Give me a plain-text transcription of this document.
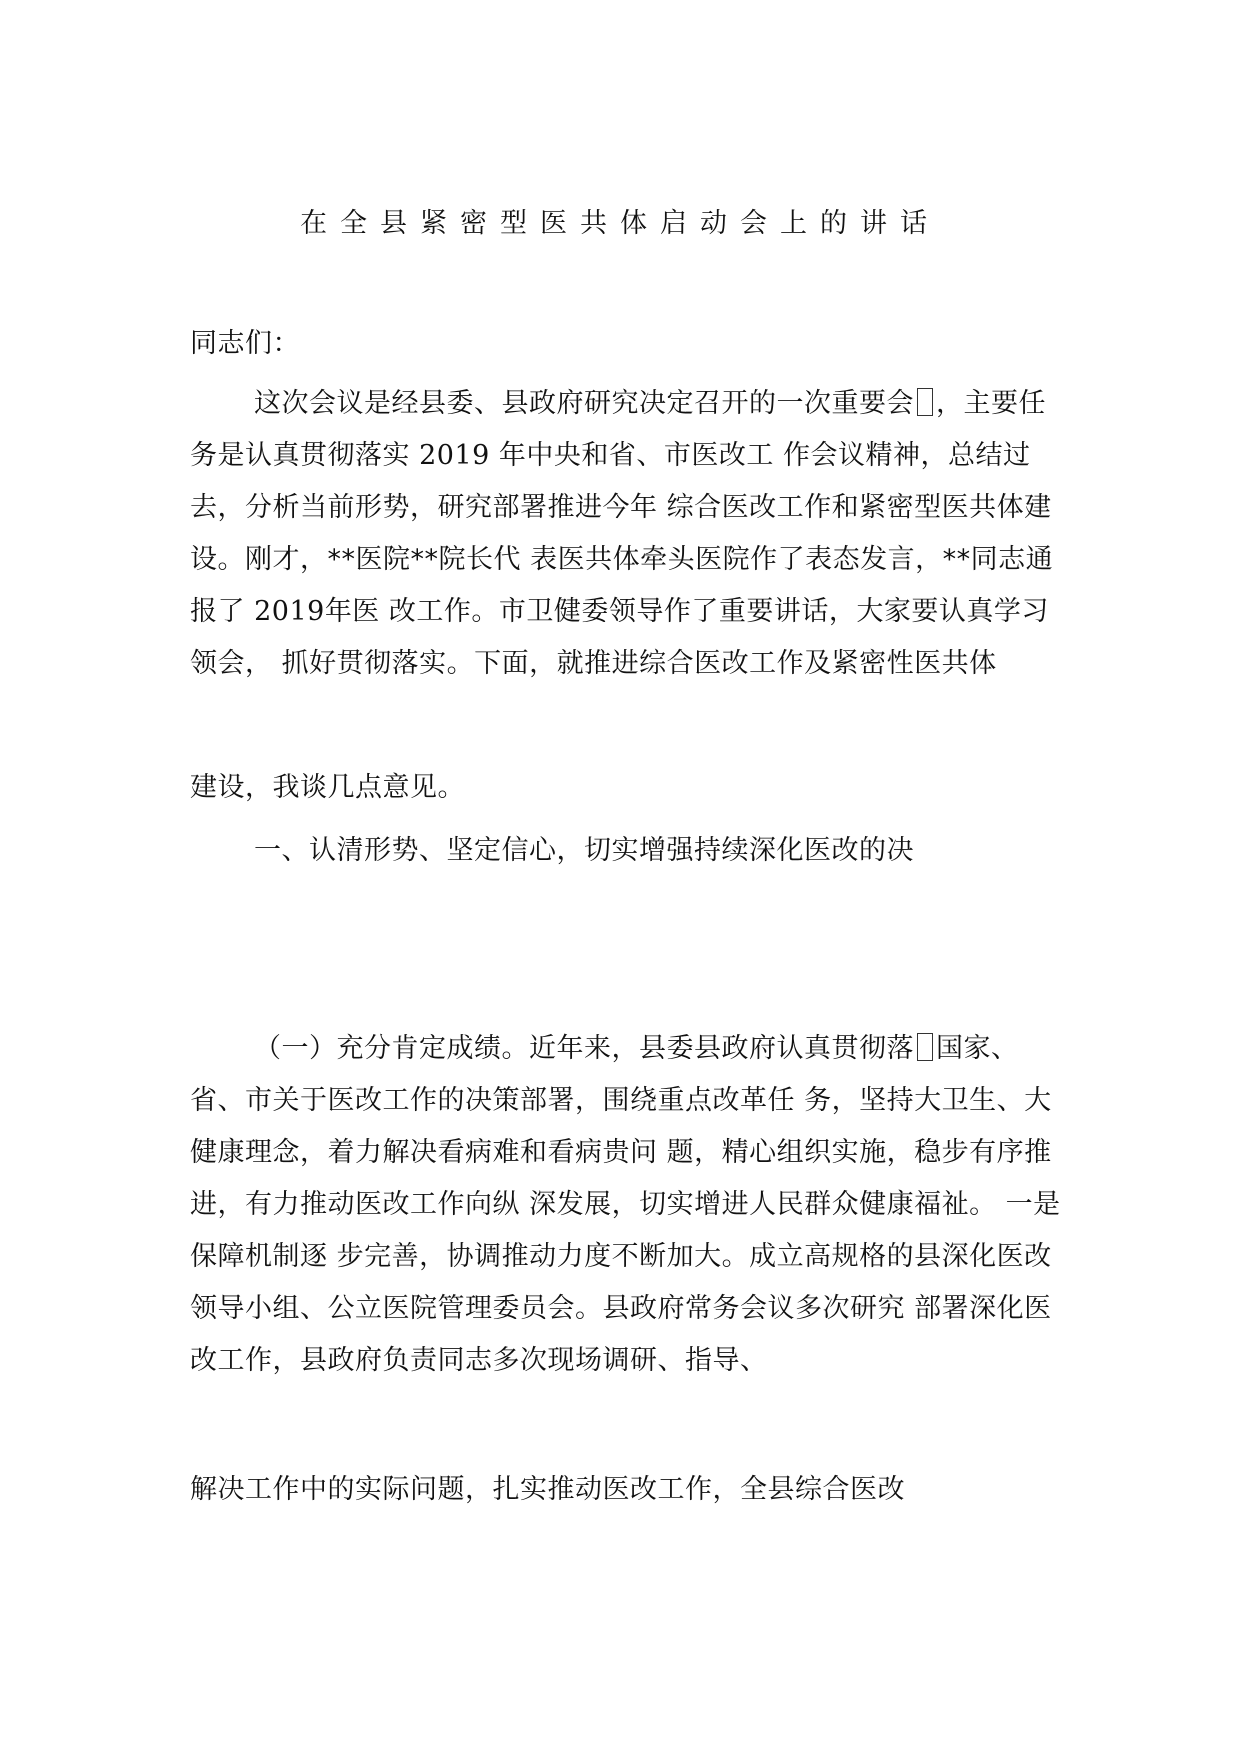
在全县紧密型医共体启动会上的讲话
同志们：
这次会议是经县委、县政府研究决定召开的一次重要会 ，主要任务是认真贯彻落实 2019 年中央和省、市医改工 作会议精神，总结过去，分析当前形势，研究部署推进今年 综合医改工作和紧密型医共体建设。刚才，**医院**院长代 表医共体牵头医院作了表态发言，**同志通报了 2019年医 改工作。市卫健委领导作了重要讲话，大家要认真学习领会， 抓好贯彻落实。下面，就推进综合医改工作及紧密性医共体
建设，我谈几点意见。
一、认清形势、坚定信心，切实增强持续深化医改的决
（一）充分肯定成绩。近年来，县委县政府认真贯彻落 国家、省、市关于医改工作的决策部署，围绕重点改革任 务，坚持大卫生、大健康理念，着力解决看病难和看病贵问 题，精心组织实施，稳步有序推进，有力推动医改工作向纵 深发展，切实增进人民群众健康福祉。 一是保障机制逐 步完善，协调推动力度不断加大。成立高规格的县深化医改 领导小组、公立医院管理委员会。县政府常务会议多次研究 部署深化医改工作，县政府负责同志多次现场调研、指导、
解决工作中的实际问题，扎实推动医改工作，全县综合医改
